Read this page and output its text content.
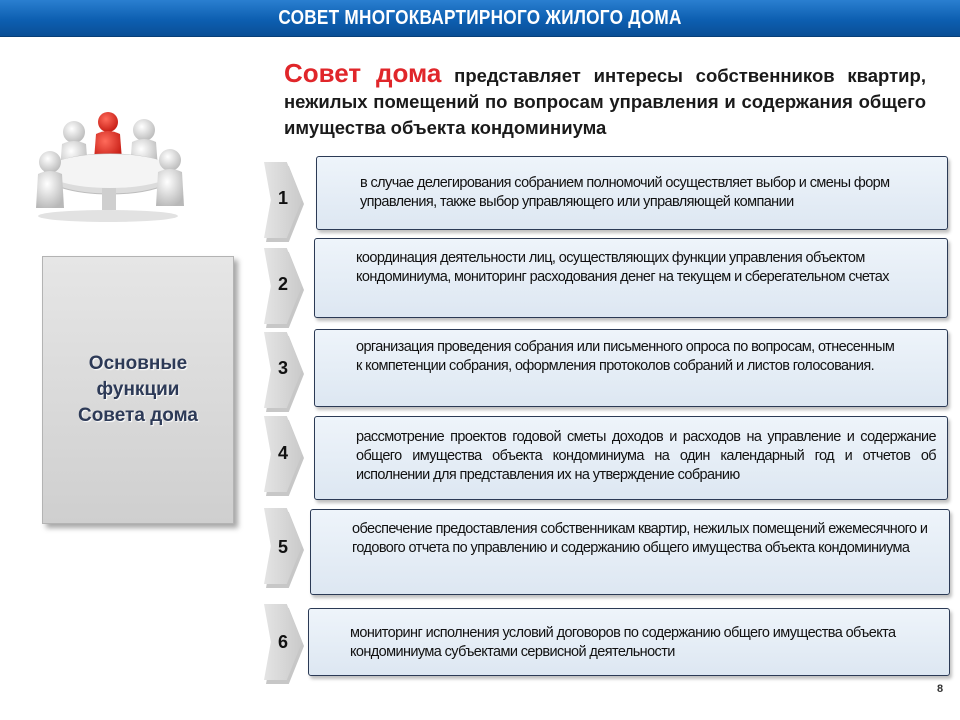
СОВЕТ МНОГОКВАРТИРНОГО ЖИЛОГО ДОМА
Совет дома представляет интересы собственников квартир, нежилых помещений по вопросам управления и содержания общего имущества объекта кондоминиума
Основные функции Совета дома
1
в случае делегирования собранием полномочий осуществляет выбор и смены форм управления, также выбор управляющего или управляющей компании
2
координация деятельности лиц, осуществляющих функции управления объектом кондоминиума, мониторинг расходования денег на текущем и сберегательном счетах
3
организация проведения собрания или письменного опроса по вопросам, отнесенным к компетенции собрания, оформления протоколов собраний и листов голосования.
4
рассмотрение проектов годовой сметы доходов и расходов на управление и содержание общего имущества объекта кондоминиума на один календарный год и отчетов об исполнении для представления их на утверждение собранию
5
обеспечение предоставления собственникам квартир, нежилых помещений ежемесячного и годового отчета по управлению и содержанию общего имущества объекта кондоминиума
6	мониторинг исполнения условий договоров по содержанию общего имущества объекта кондоминиума субъектами сервисной деятельности
8
